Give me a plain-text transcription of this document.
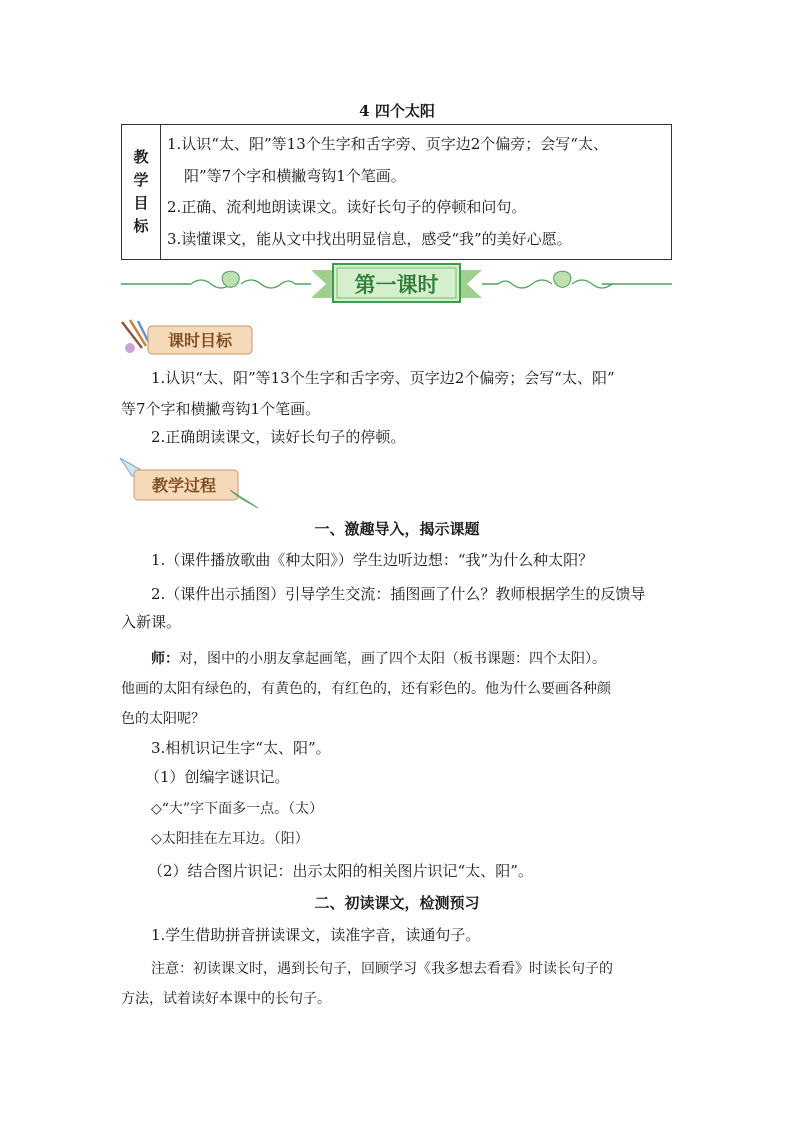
4 四个太阳
教学目标

1.认识“太、阳”等13个生字和舌字旁、页字边2个偏旁；会写“太、
阳”等7个字和横撇弯钩1个笔画。
2.正确、流利地朗读课文。读好长句子的停顿和问句。
3.读懂课文，能从文中找出明显信息，感受“我”的美好心愿。
第一课时
课时目标
1.认识“太、阳”等13个生字和舌字旁、页字边2个偏旁；会写“太、阳”
等7个字和横撇弯钩1个笔画。
2.正确朗读课文，读好长句子的停顿。
教学过程
一、激趣导入，揭示课题
1.（课件播放歌曲《种太阳》）学生边听边想：“我”为什么种太阳？
2.（课件出示插图）引导学生交流：插图画了什么？教师根据学生的反馈导
入新课。
师：对，图中的小朋友拿起画笔，画了四个太阳（板书课题：四个太阳）。
他画的太阳有绿色的，有黄色的，有红色的，还有彩色的。他为什么要画各种颜
色的太阳呢？
3.相机识记生字“太、阳”。
（1）创编字谜识记。
◇“大”字下面多一点。（太）
◇太阳挂在左耳边。（阳）
（2）结合图片识记：出示太阳的相关图片识记“太、阳”。
二、初读课文，检测预习
1.学生借助拼音拼读课文，读准字音，读通句子。
注意：初读课文时，遇到长句子，回顾学习《我多想去看看》时读长句子的
方法，试着读好本课中的长句子。
